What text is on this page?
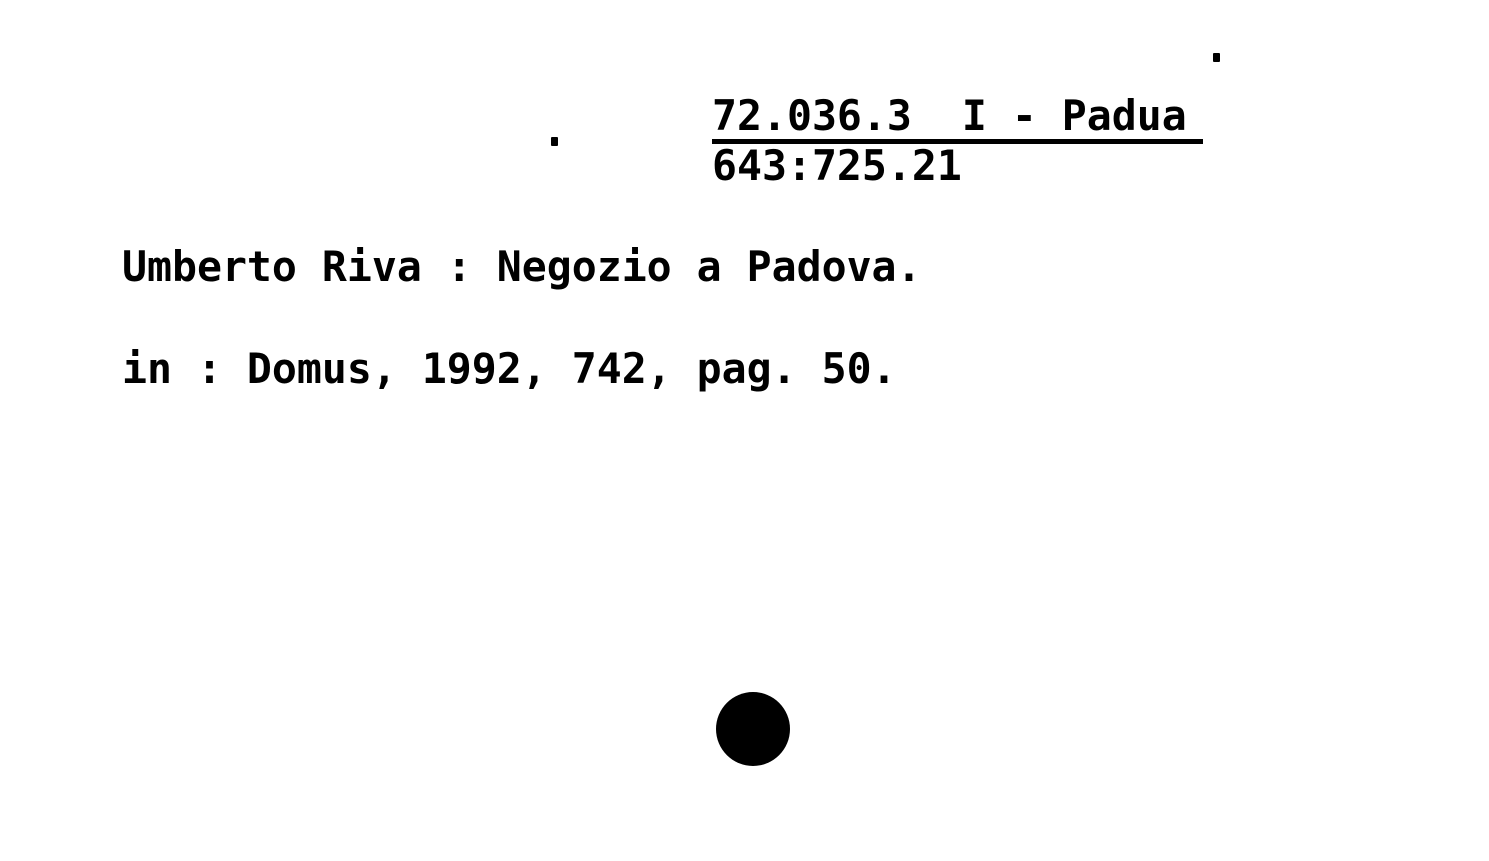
72.036.3  I - Padua
643:725.21
Umberto Riva : Negozio a Padova.
in : Domus, 1992, 742, pag. 50.
